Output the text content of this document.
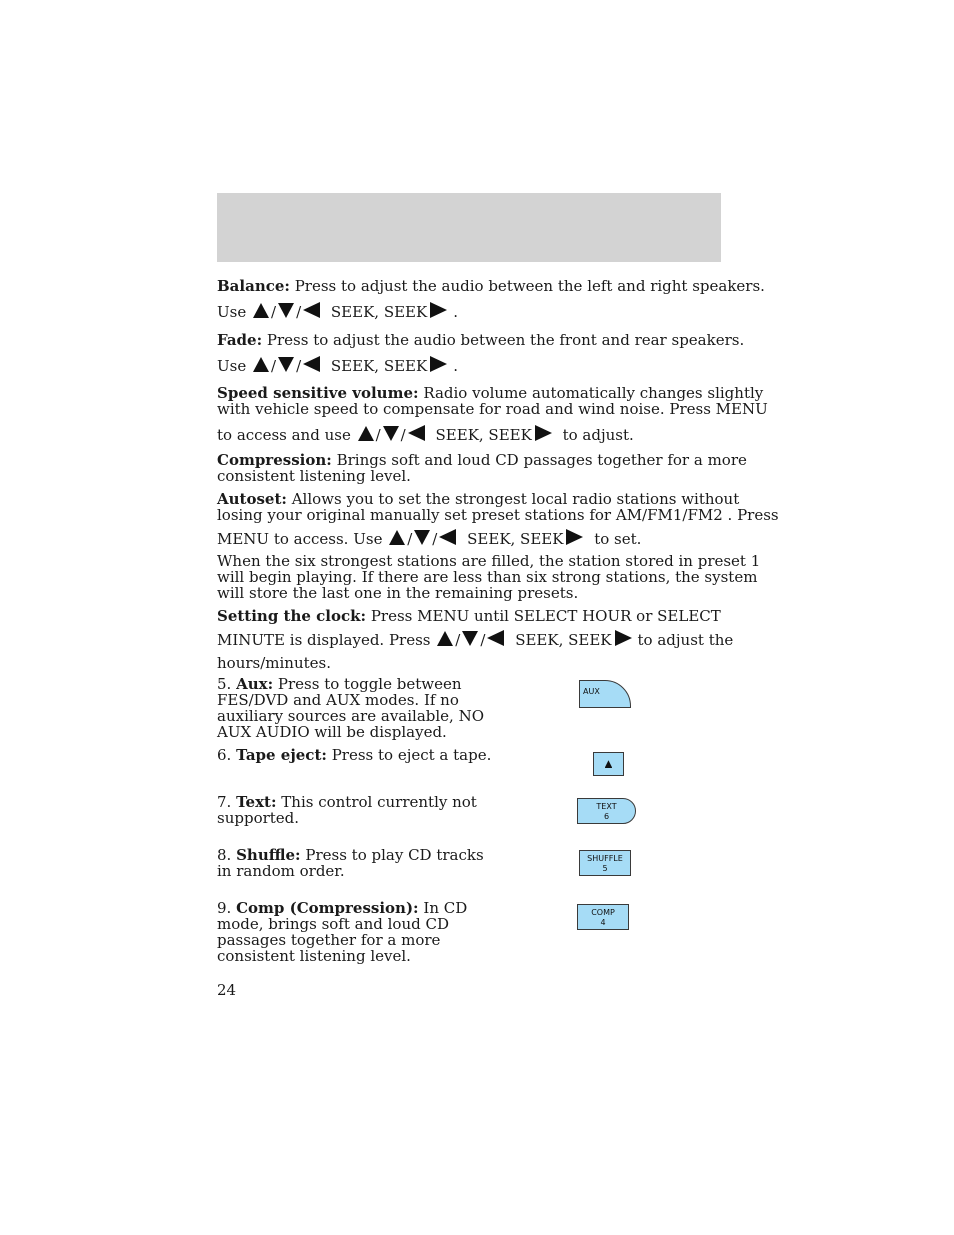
Balance: Press to adjust the audio between the left and right speakers.
Use / / SEEK, SEEK .
Fade: Press to adjust the audio between the front and rear speakers.
Use / / SEEK, SEEK .
Speed sensitive volume: Radio volume automatically changes slightly
with vehicle speed to compensate for road and wind noise. Press MENU
to access and use / / SEEK, SEEK to adjust.
Compression: Brings soft and loud CD passages together for a more
consistent listening level.
Autoset: Allows you to set the strongest local radio stations without
losing your original manually set preset stations for AM/FM1/FM2 . Press
MENU to access. Use / / SEEK, SEEK to set.
When the six strongest stations are filled, the station stored in preset 1
will begin playing. If there are less than six strong stations, the system
will store the last one in the remaining presets.
Setting the clock: Press MENU until SELECT HOUR or SELECT
MINUTE is displayed. Press / / SEEK, SEEK to adjust the
hours/minutes.
5. Aux: Press to toggle between
FES/DVD and AUX modes. If no
auxiliary sources are available, NO
AUX AUDIO will be displayed.
AUX
6. Tape eject: Press to eject a tape.	▲
7. Text: This control currently not
supported.
TEXT
6
8. Shuffle: Press to play CD tracks
in random order.
SHUFFLE
5
9. Comp (Compression): In CD
mode, brings soft and loud CD
passages together for a more
consistent listening level.
COMP
4

24
